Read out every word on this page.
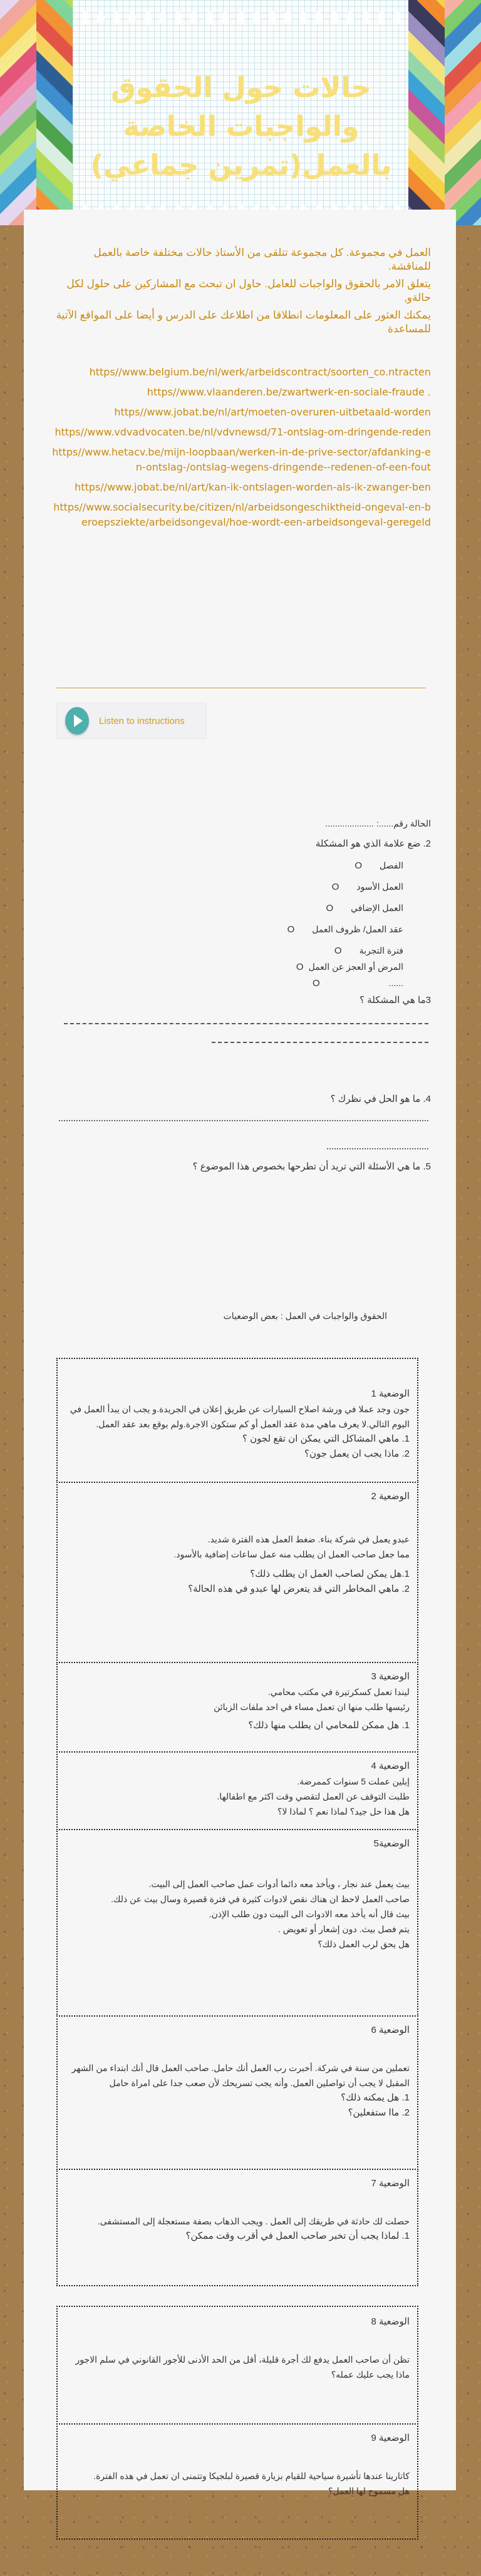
حالات حول الحقوق
والواجبات الخاصة
بالعمل(تمرين جماعي)

العمل في مجموعة. كل مجموعة تتلقى من الأستاذ حالات مختلفة خاصة بالعمل للمناقشة.

يتعلق الامر بالحقوق والواجبات للعامل. حاول ان تبحث مع المشاركين على حلول لكل حالةو,

يمكنك العثور على المعلومات انطلاقا من اطلاعك على الدرس و أيضا على المواقع الآتية للمساعدة

https//www.belgium.be/nl/werk/arbeidscontract/soorten_co.ntracten
https//www.vlaanderen.be/zwartwerk-en-sociale-fraude .
https//www.jobat.be/nl/art/moeten-overuren-uitbetaald-worden
https//www.vdvadvocaten.be/nl/vdvnewsd/71-ontslag-om-dringende-reden
https//www.hetacv.be/mijn-loopbaan/werken-in-de-prive-sector/afdanking-en-ontslag-/ontslag-wegens-dringende--redenen-of-een-fout
https//www.jobat.be/nl/art/kan-ik-ontslagen-worden-als-ik-zwanger-ben
https//www.socialsecurity.be/citizen/nl/arbeidsongeschiktheid-ongeval-en-beroepsziekte/arbeidsongeval/hoe-wordt-een-arbeidsongeval-geregeld
Listen to instructions
الحالة رقم......: ....................
2. ضع علامة الذي هو المشكلة
الفصلO
العمل الأسودO
العمل الإضافيO
عقد العمل/ ظروف العملO
فترة التجربةO
المرض أو العجز عن العملO
......O
3ما هي المشكلة ؟
4. ما هو الحل في نظرك ؟
5. ما هي الأسئلة التي تريد أن تطرحها بخصوص هذا الموضوع ؟
الحقوق والواجبات في العمل : بعض الوضعيات
الوضعية 1
جون وجد عملا في ورشة اصلاح السيارات عن طريق إعلان في الجريدة.و يجب ان يبدأ العمل في اليوم التالي.لا يعرف ماهي مدة عقد العمل أو كم ستكون الاجرة.ولم يوقع بعد عقد العمل.
1. ماهي المشاكل التي يمكن ان تقع لجون ؟
2. ماذا يجب ان يعمل جون؟
الوضعية 2
عبدو يعمل في شركة بناء. ضغط العمل هذه الفترة شديد.
مما جعل صاحب العمل ان يطلب منه عمل ساعات إضافية بالأسود.
1.هل يمكن لصاحب العمل ان يطلب ذلك؟
2. ماهي المخاطر التي قد يتعرض لها عبدو في هذه الحالة؟
الوضعية 3
ليندا تعمل كسكرتيرة في مكتب محامي.
رئيسها طلب منها ان تعمل مساء في احد ملفات الزبائن
1. هل ممكن للمحامي ان يطلب منها ذلك؟
الوضعية 4
إيلين عملت 5 سنوات كممرضة.
طلبت التوقف عن العمل لتقضي وقت اكثر مع اطفالها.
هل هذا حل جيد؟ لماذا نعم ؟ لماذا لا؟
الوضعية5
بيث يعمل عند نجار ، ويأخذ معه دائما أدوات عمل صاحب العمل إلى البيت.
صاحب العمل لاحظ ان هناك نقص لادوات كثيرة في فترة قصيرة وسال بيث عن ذلك.
بيث قال أنه يأخذ معه الادوات الى البيت دون طلب الإذن.
يتم فصل بيث. دون إشعار أو تعويض .
هل يحق لرب العمل ذلك؟
الوضعية 6
تعملين من سنة في شركة. أخبرت رب العمل أنك حامل. صاحب العمل قال أنك ابتداء من الشهر المقبل لا يجب أن تواصلين العمل. وأنه يجب تسريحك لأن صعب جدا على امراة حامل
1. هل يمكنه ذلك؟
2. ماا ستفعلين؟
الوضعية 7
حصلت لك حادثة في طريقك إلى العمل . ويجب الذهاب بصفة مستعجلة إلى المستشفى.
1. لماذا يجب أن تخبر صاحب العمل في أقرب وقت ممكن؟
الوضعية 8
تظن أن صاحب العمل يدفع لك أجرة قليلة، أقل من الحد الأدنى للأجور القانوني في سلم الاجور
ماذا يجب عليك عمله؟
الوضعية 9
كاتارينا عندها تأشيرة سياحية للقيام بزيارة قصيرة لبلجيكا وتتمنى ان تعمل في هذه الفترة.
هل مسموح لها العمل؟
